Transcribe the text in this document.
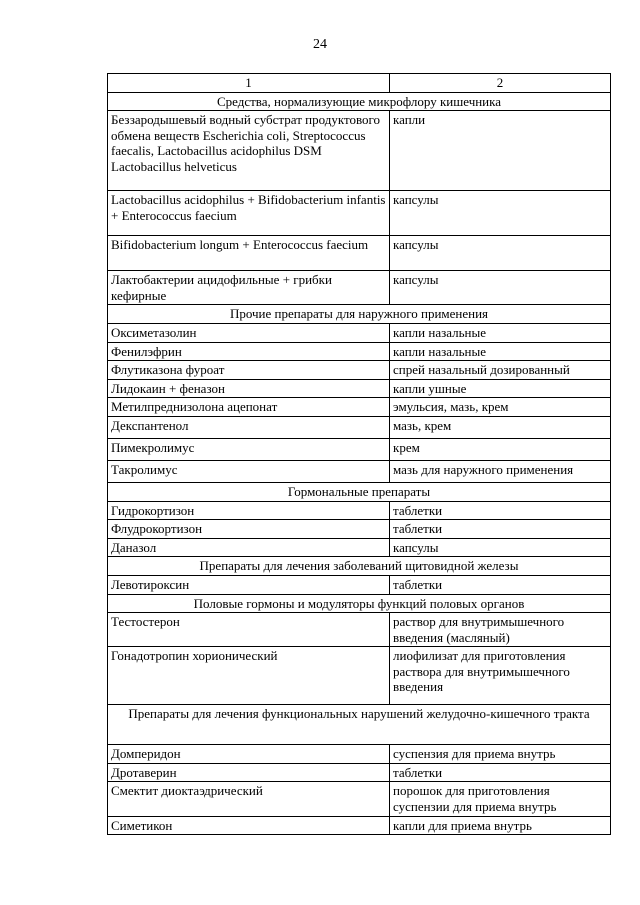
24
1	2
Средства, нормализующие микрофлору кишечника	
Беззародышевый водный субстрат продуктового обмена веществ Escherichia coli, Streptococcus faecalis, Lactobacillus acidophilus DSM Lactobacillus helveticus	капли
Lactobacillus acidophilus + Bifidobacterium infantis + Enterococcus faecium	капсулы
Bifidobacterium longum + Enterococcus faecium	капсулы
Лактобактерии ацидофильные + грибки кефирные	капсулы
Прочие препараты для наружного применения	
Оксиметазолин	капли назальные
Фенилэфрин	капли назальные
Флутиказона фуроат	спрей назальный дозированный
Лидокаин + феназон	капли ушные
Метилпреднизолона ацепонат	эмульсия, мазь, крем
Декспантенол	мазь, крем
Пимекролимус	крем
Такролимус	мазь для наружного применения
Гормональные препараты	
Гидрокортизон	таблетки
Флудрокортизон	таблетки
Даназол	капсулы
Препараты для лечения заболеваний щитовидной железы	
Левотироксин	таблетки
Половые гормоны и модуляторы функций половых органов	
Тестостерон	раствор для внутримышечного введения (масляный)
Гонадотропин хорионический	лиофилизат для приготовления раствора для внутримышечного введения
Препараты для лечения функциональных нарушений желудочно-кишечного тракта	
Домперидон	суспензия для приема внутрь
Дротаверин	таблетки
Смектит диоктаэдрический	порошок для приготовления суспензии для приема внутрь
Симетикон	капли для приема внутрь
